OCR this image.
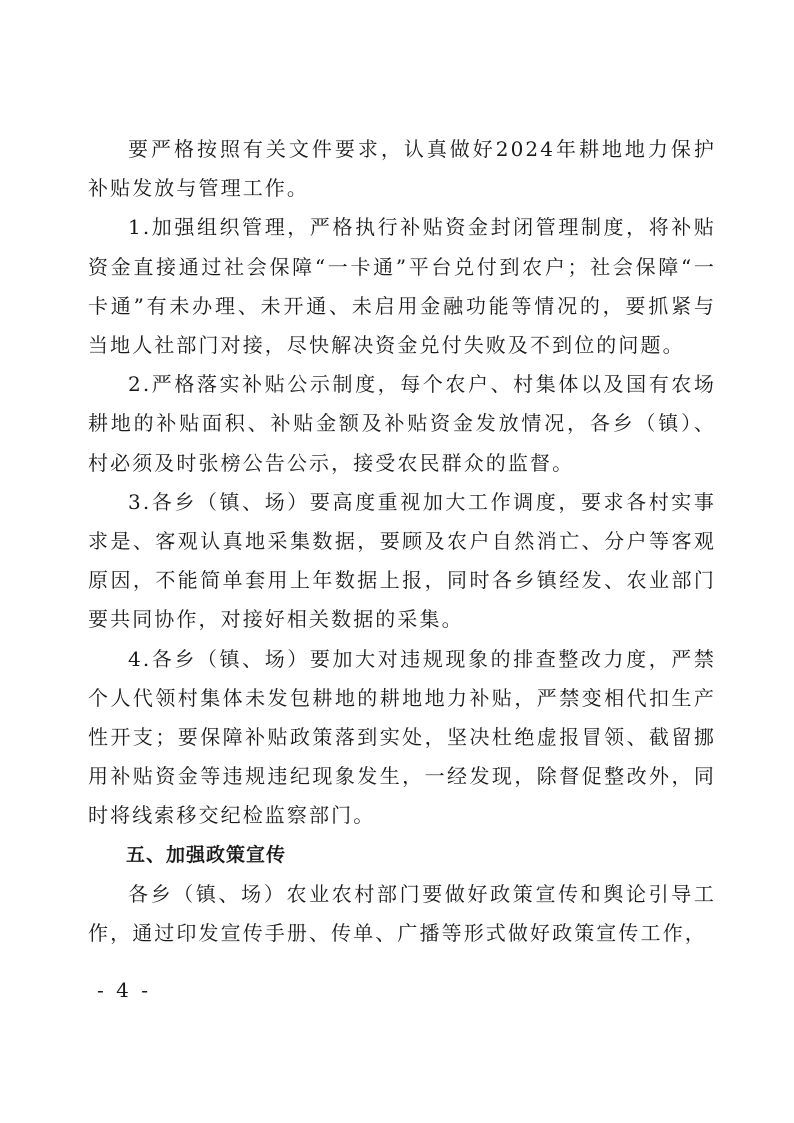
要严格按照有关文件要求，认真做好2024年耕地地力保护补贴发放与管理工作。

1.加强组织管理，严格执行补贴资金封闭管理制度，将补贴资金直接通过社会保障“一卡通”平台兑付到农户；社会保障“一卡通”有未办理、未开通、未启用金融功能等情况的，要抓紧与当地人社部门对接，尽快解决资金兑付失败及不到位的问题。

2.严格落实补贴公示制度，每个农户、村集体以及国有农场耕地的补贴面积、补贴金额及补贴资金发放情况，各乡（镇）、村必须及时张榜公告公示，接受农民群众的监督。

3.各乡（镇、场）要高度重视加大工作调度，要求各村实事求是、客观认真地采集数据，要顾及农户自然消亡、分户等客观原因，不能简单套用上年数据上报，同时各乡镇经发、农业部门要共同协作，对接好相关数据的采集。

4.各乡（镇、场）要加大对违规现象的排查整改力度，严禁个人代领村集体未发包耕地的耕地地力补贴，严禁变相代扣生产性开支；要保障补贴政策落到实处，坚决杜绝虚报冒领、截留挪用补贴资金等违规违纪现象发生，一经发现，除督促整改外，同时将线索移交纪检监察部门。

五、加强政策宣传

各乡（镇、场）农业农村部门要做好政策宣传和舆论引导工作，通过印发宣传手册、传单、广播等形式做好政策宣传工作，

- 4 -
